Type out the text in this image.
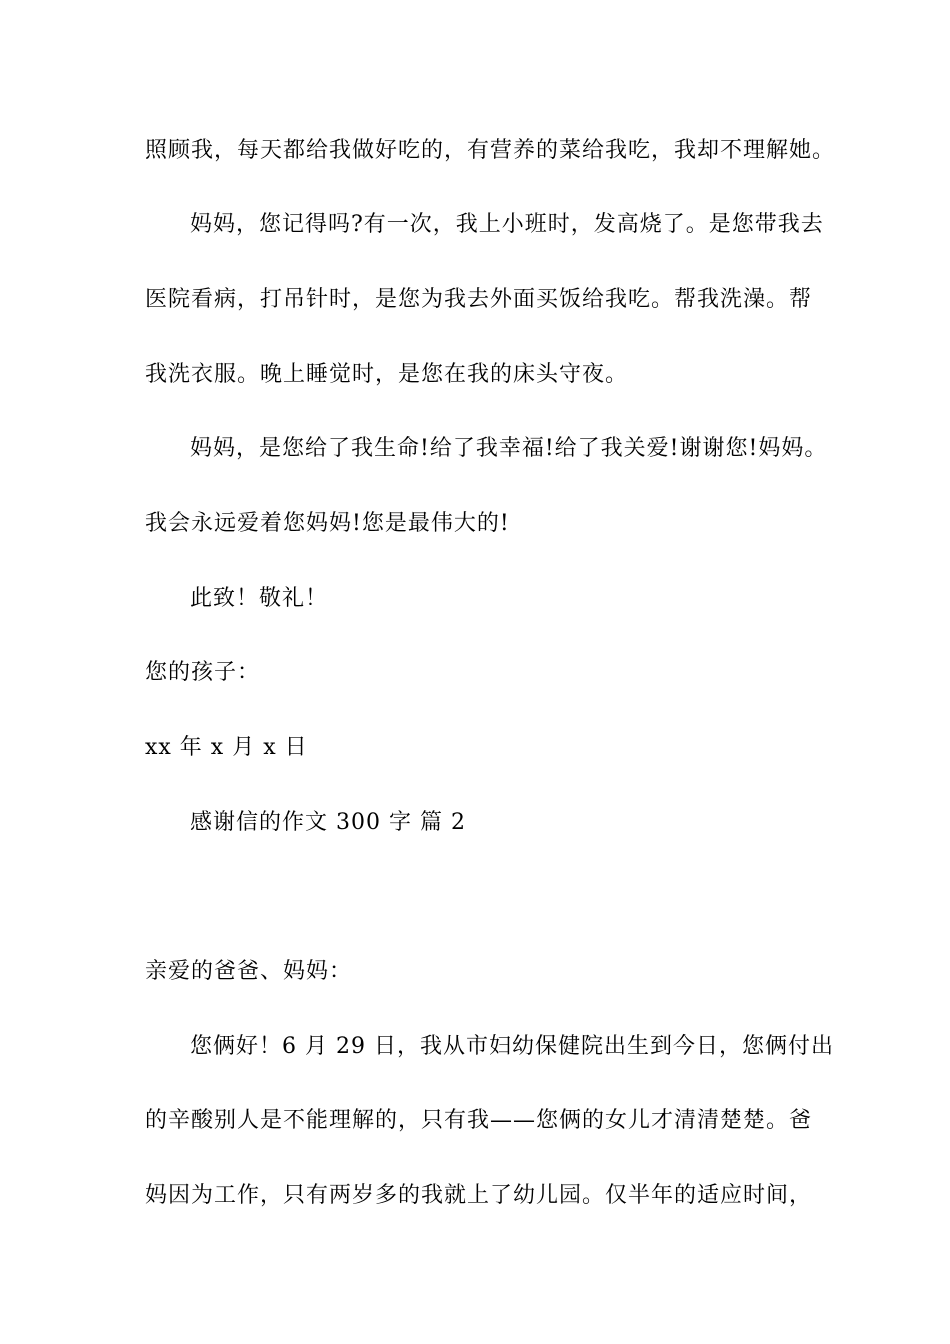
照顾我，每天都给我做好吃的，有营养的菜给我吃，我却不理解她。
妈妈，您记得吗?有一次，我上小班时，发高烧了。是您带我去
医院看病，打吊针时，是您为我去外面买饭给我吃。帮我洗澡。帮
我洗衣服。晚上睡觉时，是您在我的床头守夜。
妈妈，是您给了我生命!给了我幸福!给了我关爱!谢谢您!妈妈。
我会永远爱着您妈妈!您是最伟大的!
此致！敬礼！
您的孩子：
xx 年 x 月 x 日
感谢信的作文 300 字 篇 2
亲爱的爸爸、妈妈：
您俩好！6 月 29 日，我从市妇幼保健院出生到今日，您俩付出
的辛酸别人是不能理解的，只有我——您俩的女儿才清清楚楚。爸
妈因为工作，只有两岁多的我就上了幼儿园。仅半年的适应时间，
